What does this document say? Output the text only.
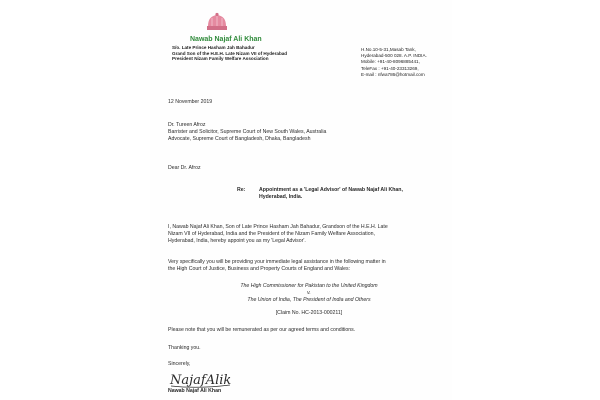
Nawab Najaf Ali Khan
S/o. Late Prince Hasham Jah Bahadur
Grand Son of the H.E.H. Late Nizam VII of Hyderabad
President Nizam Family Welfare Association
H.No.10-5-31,Masab Tank,
Hyderabad-500 028. A.P. INDIA.
Mobile: +91-40-8096885441,
TeleFax : +91-40-23313269,
E-mail : nfwa786@hotmail.com
12 November 2019
Dr. Tureen Afroz
Barrister and Solicitor, Supreme Court of New South Wales, Australia
Advocate, Supreme Court of Bangladesh, Dhaka, Bangladesh
Dear Dr. Afroz
Re:	Appointment as a 'Legal Advisor' of Nawab Najaf Ali Khan,
Hyderabad, India.
I, Nawab Najaf Ali Khan, Son of Late Prince Hasham Jah Bahadur, Grandson of the H.E.H. Late
Nizam VII of Hyderabad, India and the President of the Nizam Family Welfare Association,
Hyderabad, India, hereby appoint you as my 'Legal Advisor'.
Very specifically you will be providing your immediate legal assistance in the following matter in
the High Court of Justice, Business and Property Courts of England and Wales:
The High Commissioner for Pakistan to the United Kingdom
v.
The Union of India, The President of India and Others
[Claim No. HC-2013-000211]
Please note that you will be remunerated as per our agreed terms and conditions.
Thanking you.
Sincerely,
NajafAlik
Nawab Najaf Ali Khan
